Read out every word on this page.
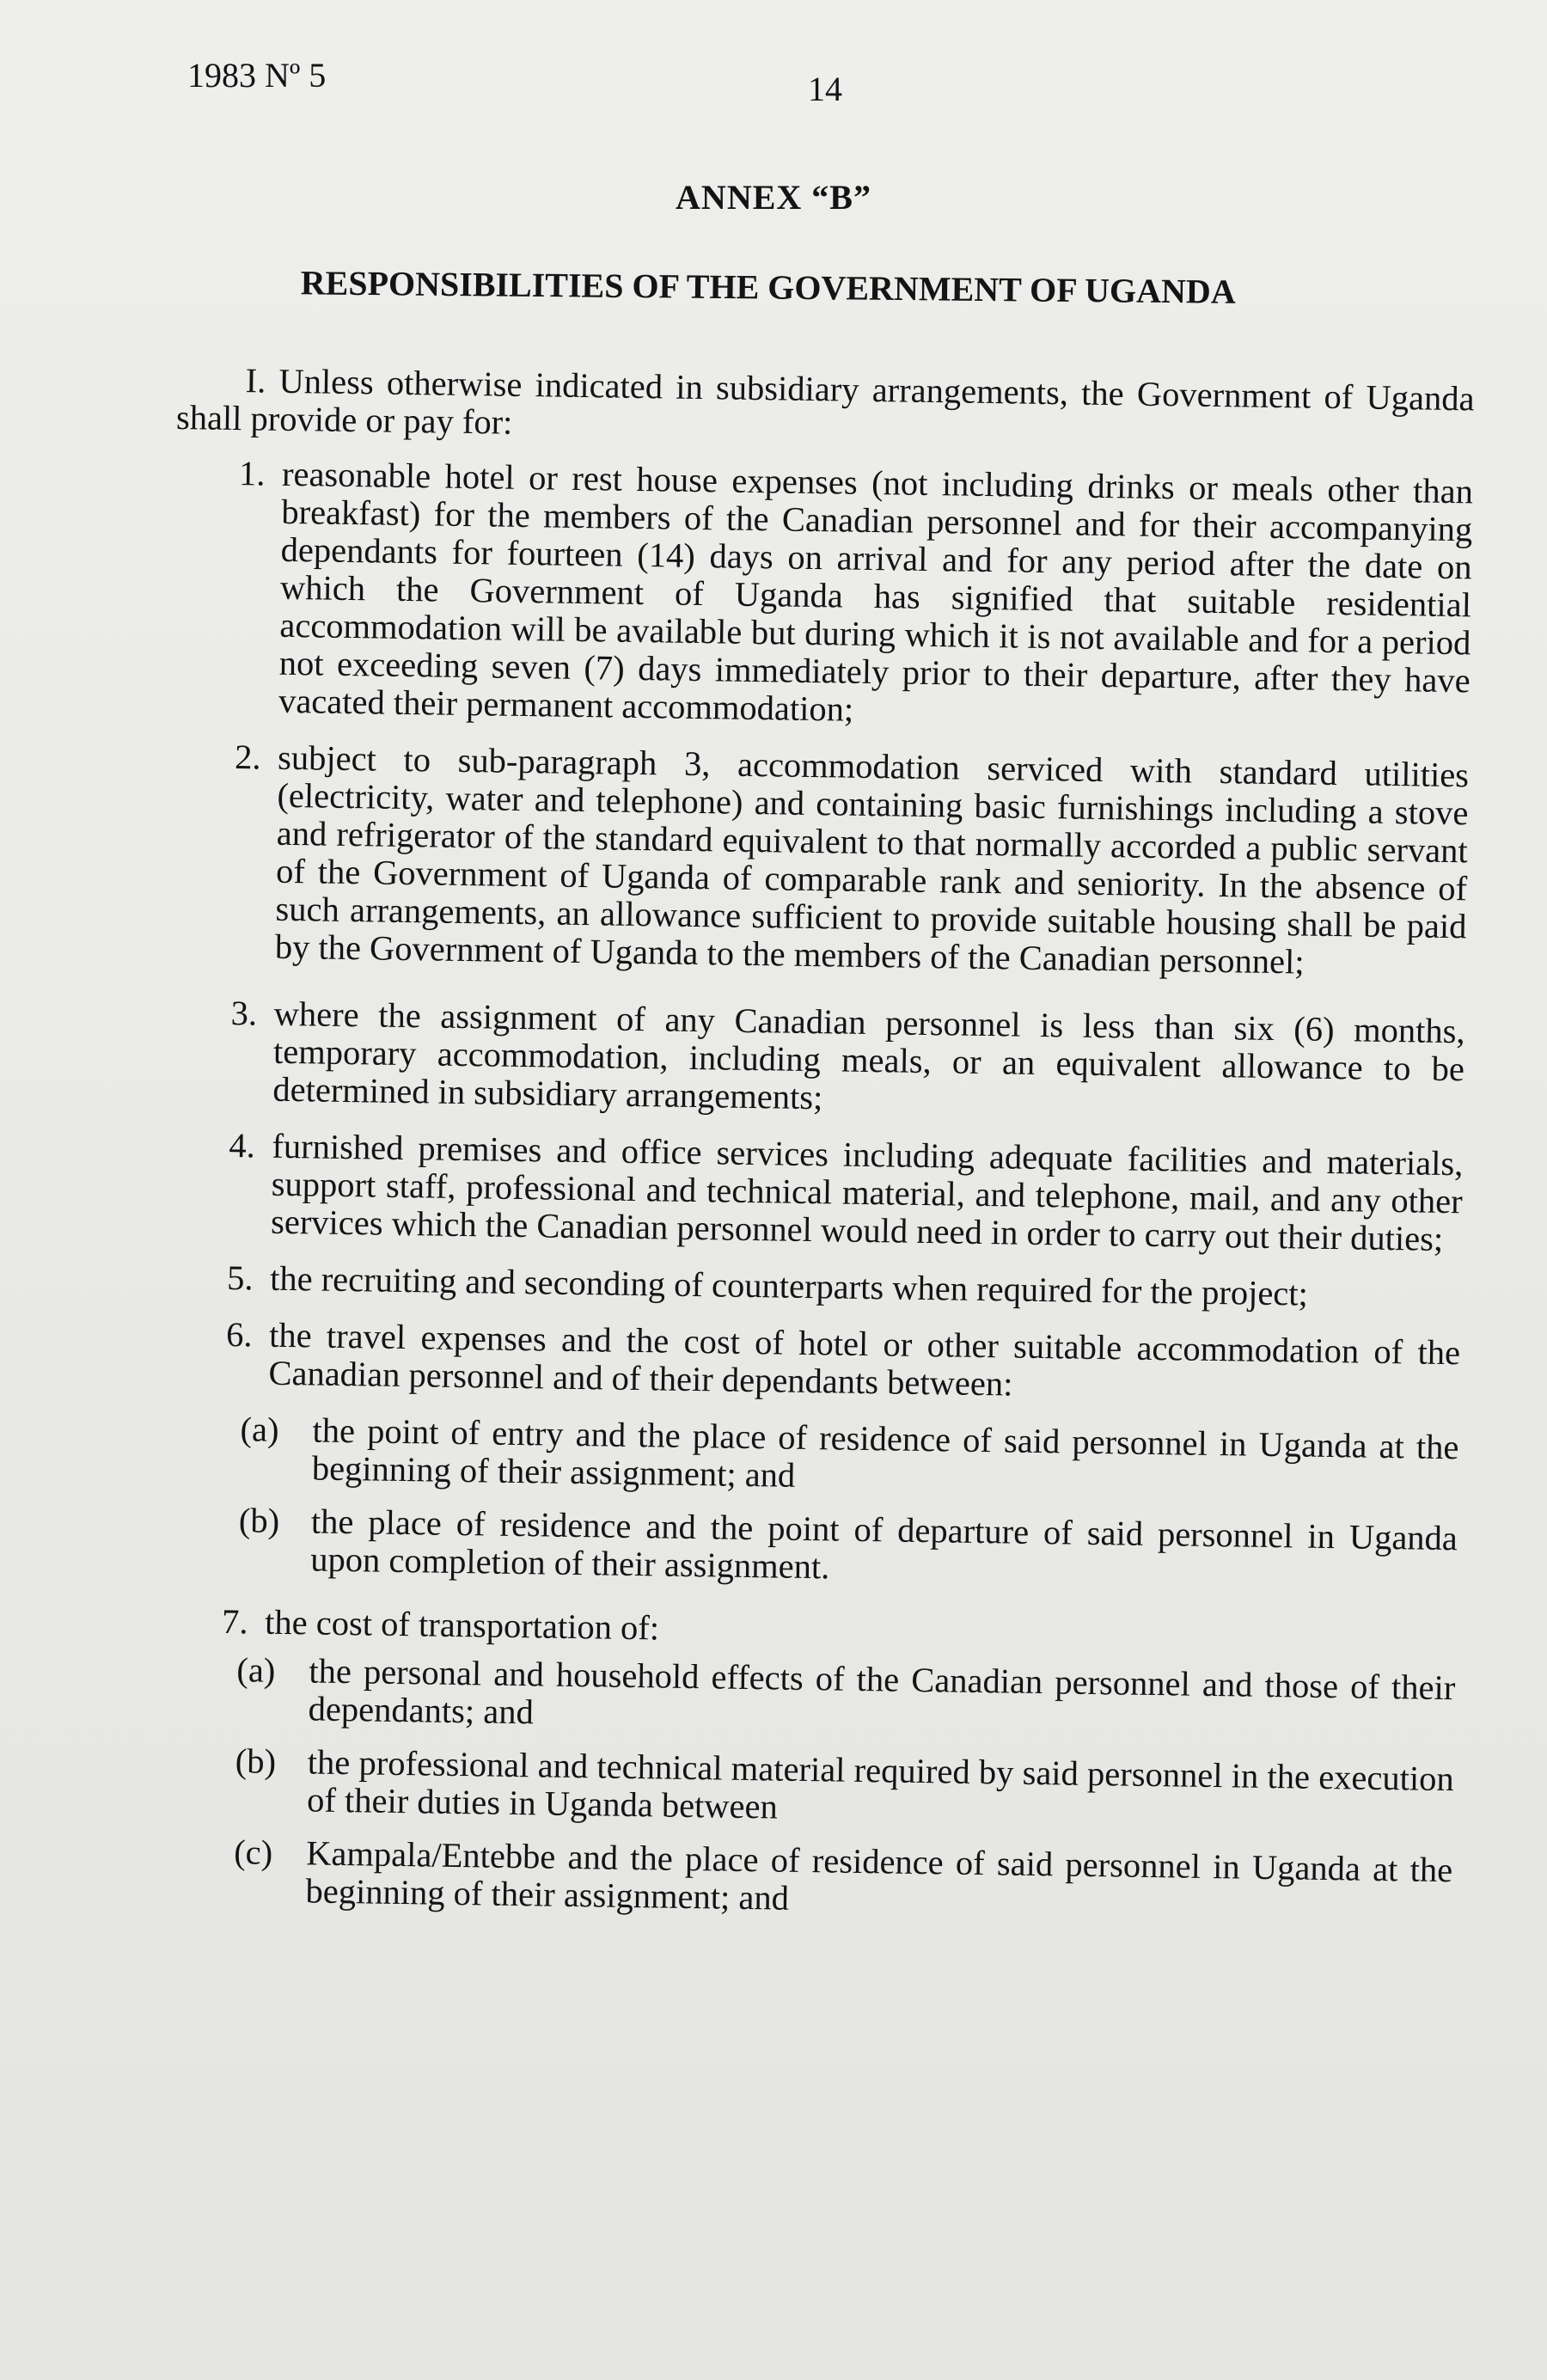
1983 Nº 5	14
ANNEX “B”
RESPONSIBILITIES OF THE GOVERNMENT OF UGANDA

I. Unless otherwise indicated in subsidiary arrangements, the Government of Uganda shall provide or pay for:

1. reasonable hotel or rest house expenses (not including drinks or meals other than breakfast) for the members of the Canadian personnel and for their accompanying dependants for fourteen (14) days on arrival and for any period after the date on which the Government of Uganda has signified that suitable residential accommodation will be available but during which it is not available and for a period not exceeding seven (7) days immediately prior to their departure, after they have vacated their permanent accommodation;
2. subject to sub-paragraph 3, accommodation serviced with standard utilities (electricity, water and telephone) and containing basic furnishings including a stove and refrigerator of the standard equivalent to that normally accorded a public servant of the Government of Uganda of comparable rank and seniority. In the absence of such arrangements, an allowance sufficient to provide suitable housing shall be paid by the Government of Uganda to the members of the Canadian personnel;
3. where the assignment of any Canadian personnel is less than six (6) months, temporary accommodation, including meals, or an equivalent allowance to be determined in subsidiary arrangements;
4. furnished premises and office services including adequate facilities and materials, support staff, professional and technical material, and telephone, mail, and any other services which the Canadian personnel would need in order to carry out their duties;
5. the recruiting and seconding of counterparts when required for the project;
6. the travel expenses and the cost of hotel or other suitable accommodation of the Canadian personnel and of their dependants between:
(a) the point of entry and the place of residence of said personnel in Uganda at the beginning of their assignment; and
(b) the place of residence and the point of departure of said personnel in Uganda upon completion of their assignment.
7. the cost of transportation of:
(a) the personal and household effects of the Canadian personnel and those of their dependants; and
(b) the professional and technical material required by said personnel in the execution of their duties in Uganda between
(c) Kampala/Entebbe and the place of residence of said personnel in Uganda at the beginning of their assignment; and
